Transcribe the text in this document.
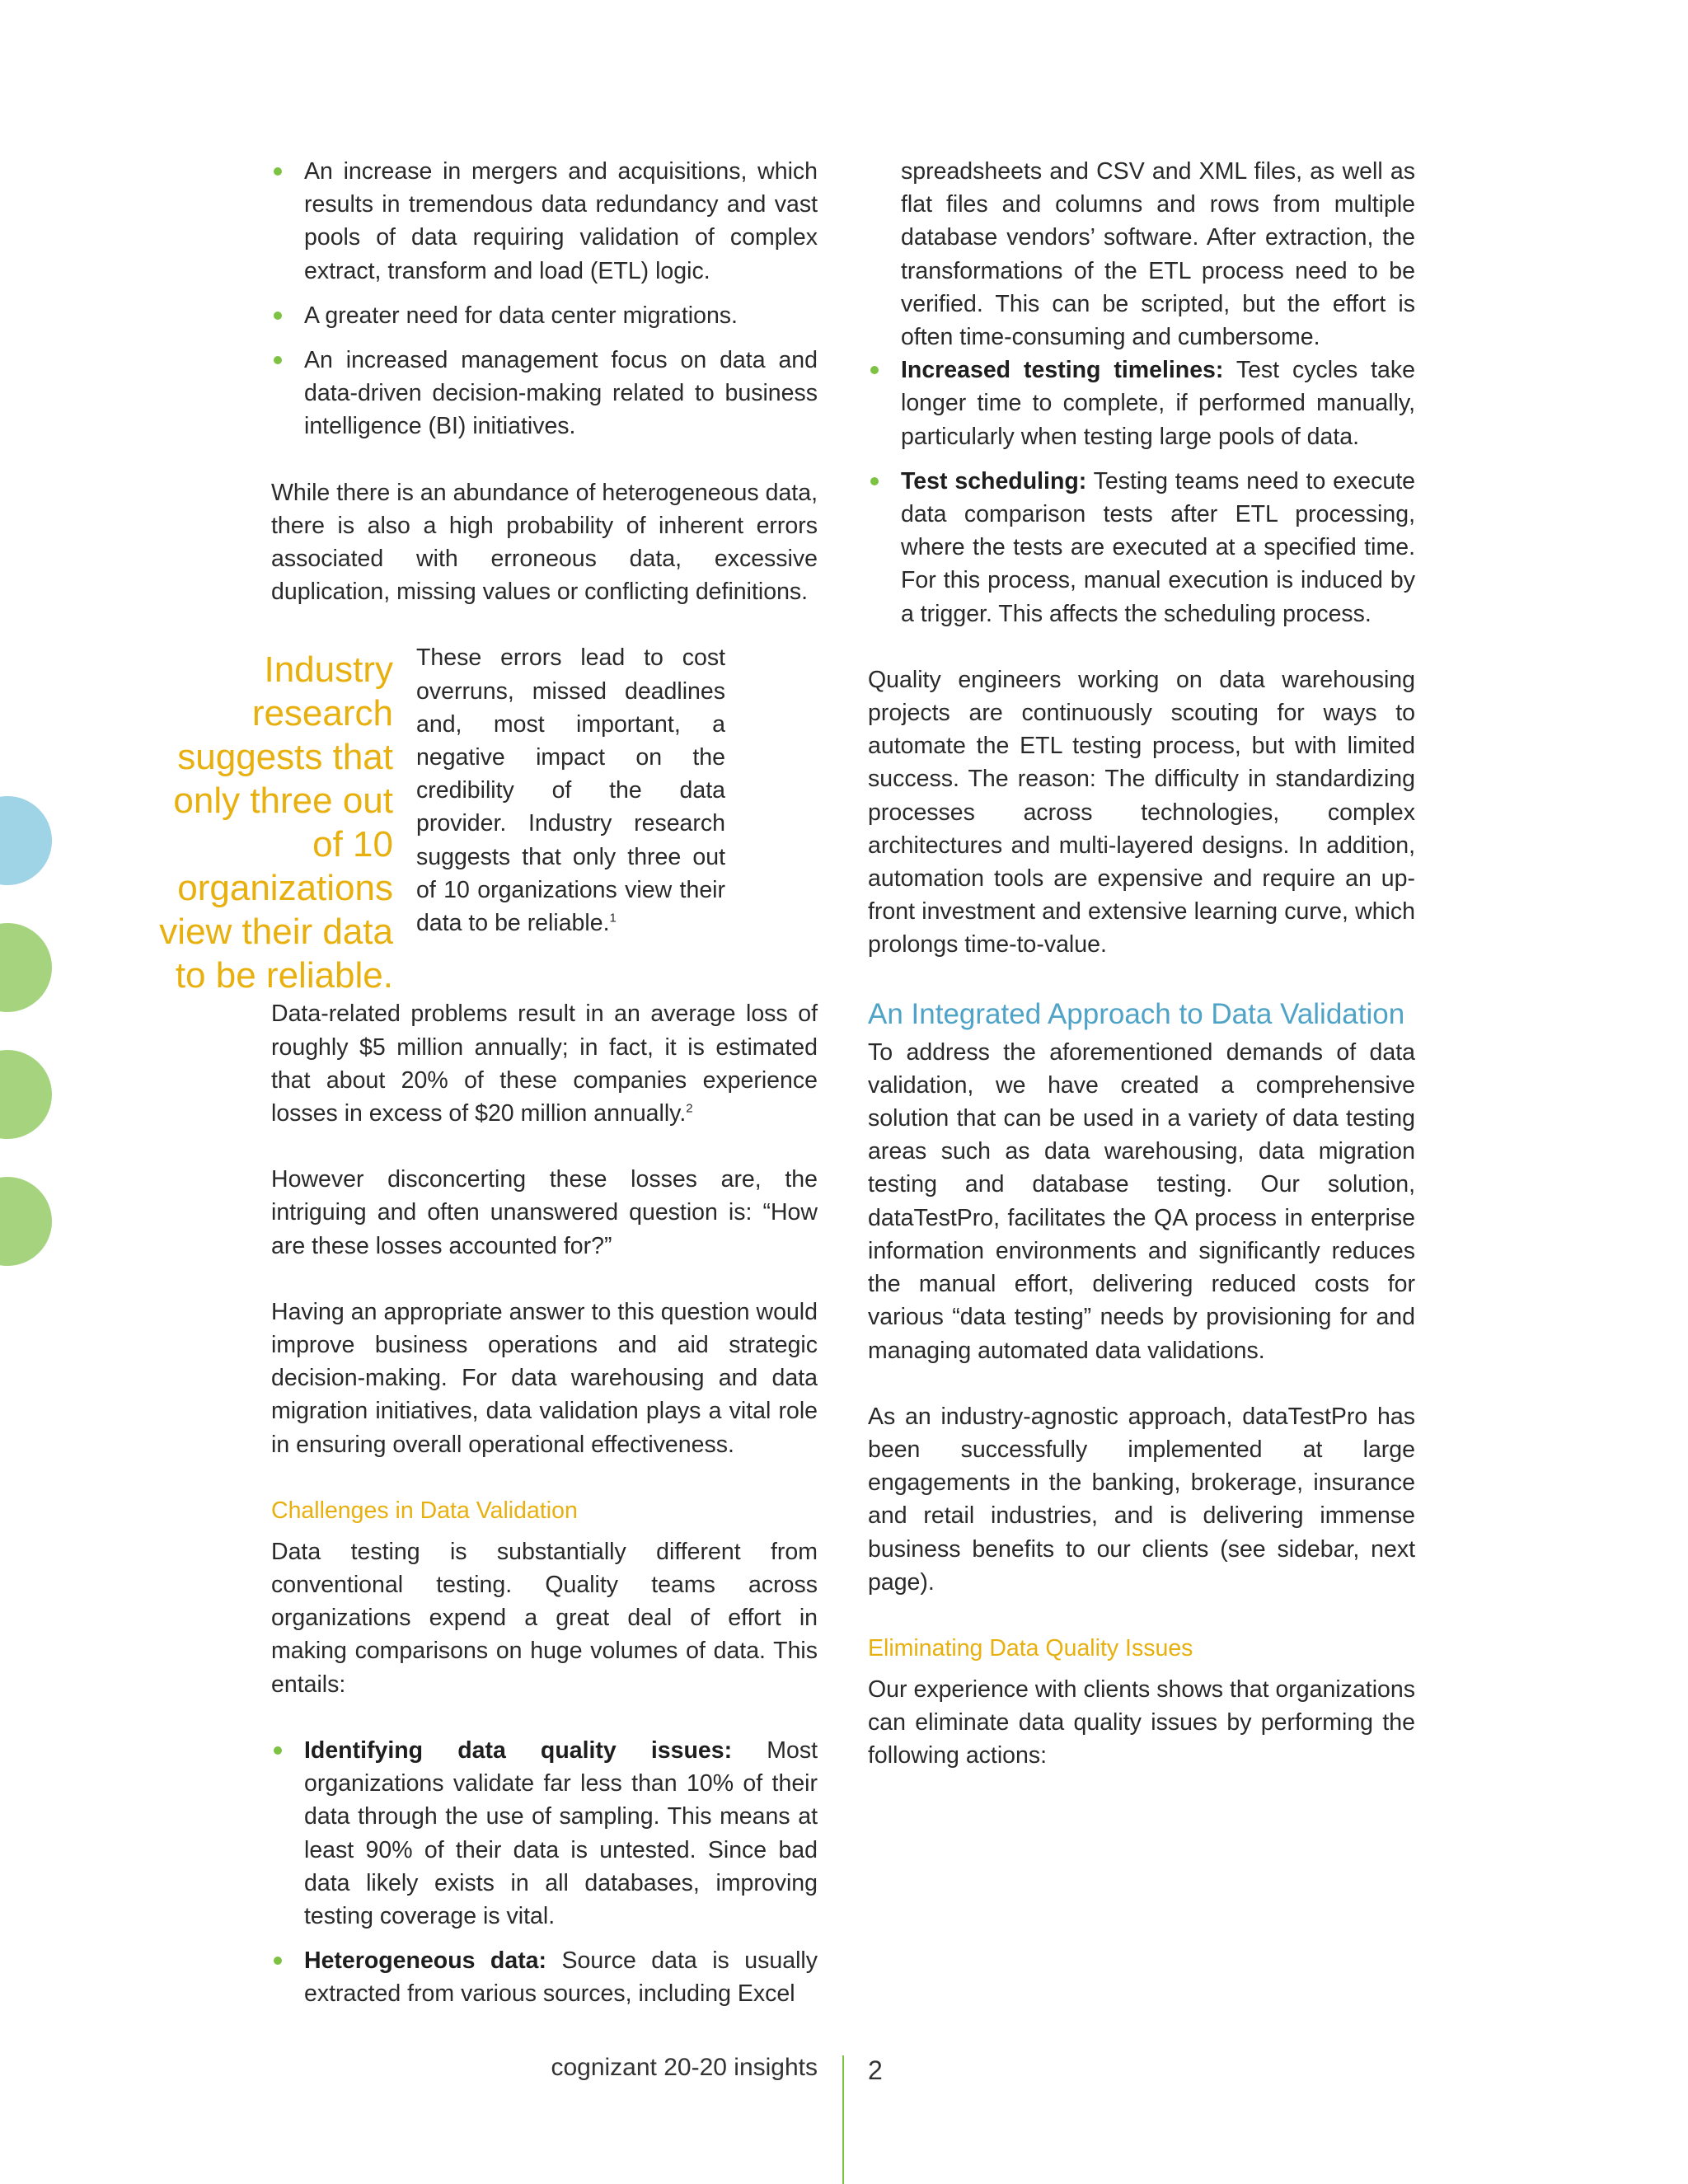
An increase in mergers and acquisitions, which results in tremendous data redundancy and vast pools of data requiring validation of complex extract, transform and load (ETL) logic.
A greater need for data center migrations.
An increased management focus on data and data-driven decision-making related to business intelligence (BI) initiatives.

While there is an abundance of heterogeneous data, there is also a high probability of inherent errors associated with erroneous data, excessive duplication, missing values or conflicting definitions.

Industry research suggests that only three out of 10 organizations view their data to be reliable.
These errors lead to cost overruns, missed deadlines and, most important, a negative impact on the credibility of the data provider. Industry research suggests that only three out of 10 organizations view their data to be reliable.$^1$

Data-related problems result in an average loss of roughly $5 million annually; in fact, it is estimated that about 20% of these companies experience losses in excess of $20 million annually.$^2$

However disconcerting these losses are, the intriguing and often unanswered question is: “How are these losses accounted for?”

Having an appropriate answer to this question would improve business operations and aid strategic decision-making. For data warehousing and data migration initiatives, data validation plays a vital role in ensuring overall operational effectiveness.

Challenges in Data Validation

Data testing is substantially different from conventional testing. Quality teams across organizations expend a great deal of effort in making comparisons on huge volumes of data. This entails:

Identifying data quality issues: Most organizations validate far less than 10% of their data through the use of sampling. This means at least 90% of their data is untested. Since bad data likely exists in all databases, improving testing coverage is vital.
Heterogeneous data: Source data is usually extracted from various sources, including Excel

spreadsheets and CSV and XML files, as well as flat files and columns and rows from multiple database vendors’ software. After extraction, the transformations of the ETL process need to be verified. This can be scripted, but the effort is often time-consuming and cumbersome.

Increased testing timelines: Test cycles take longer time to complete, if performed manually, particularly when testing large pools of data.
Test scheduling: Testing teams need to execute data comparison tests after ETL processing, where the tests are executed at a specified time. For this process, manual execution is induced by a trigger. This affects the scheduling process.

Quality engineers working on data warehousing projects are continuously scouting for ways to automate the ETL testing process, but with limited success. The reason: The difficulty in standardizing processes across technologies, complex architectures and multi-layered designs. In addition, automation tools are expensive and require an up-front investment and extensive learning curve, which prolongs time-to-value.

An Integrated Approach to Data Validation

To address the aforementioned demands of data validation, we have created a comprehensive solution that can be used in a variety of data testing areas such as data warehousing, data migration testing and database testing. Our solution, dataTestPro, facilitates the QA process in enterprise information environments and significantly reduces the manual effort, delivering reduced costs for various “data testing” needs by provisioning for and managing automated data validations.

As an industry-agnostic approach, dataTestPro has been successfully implemented at large engagements in the banking, brokerage, insurance and retail industries, and is delivering immense business benefits to our clients (see sidebar, next page).

Eliminating Data Quality Issues

Our experience with clients shows that organizations can eliminate data quality issues by performing the following actions:

cognizant 20-20 insights 2
